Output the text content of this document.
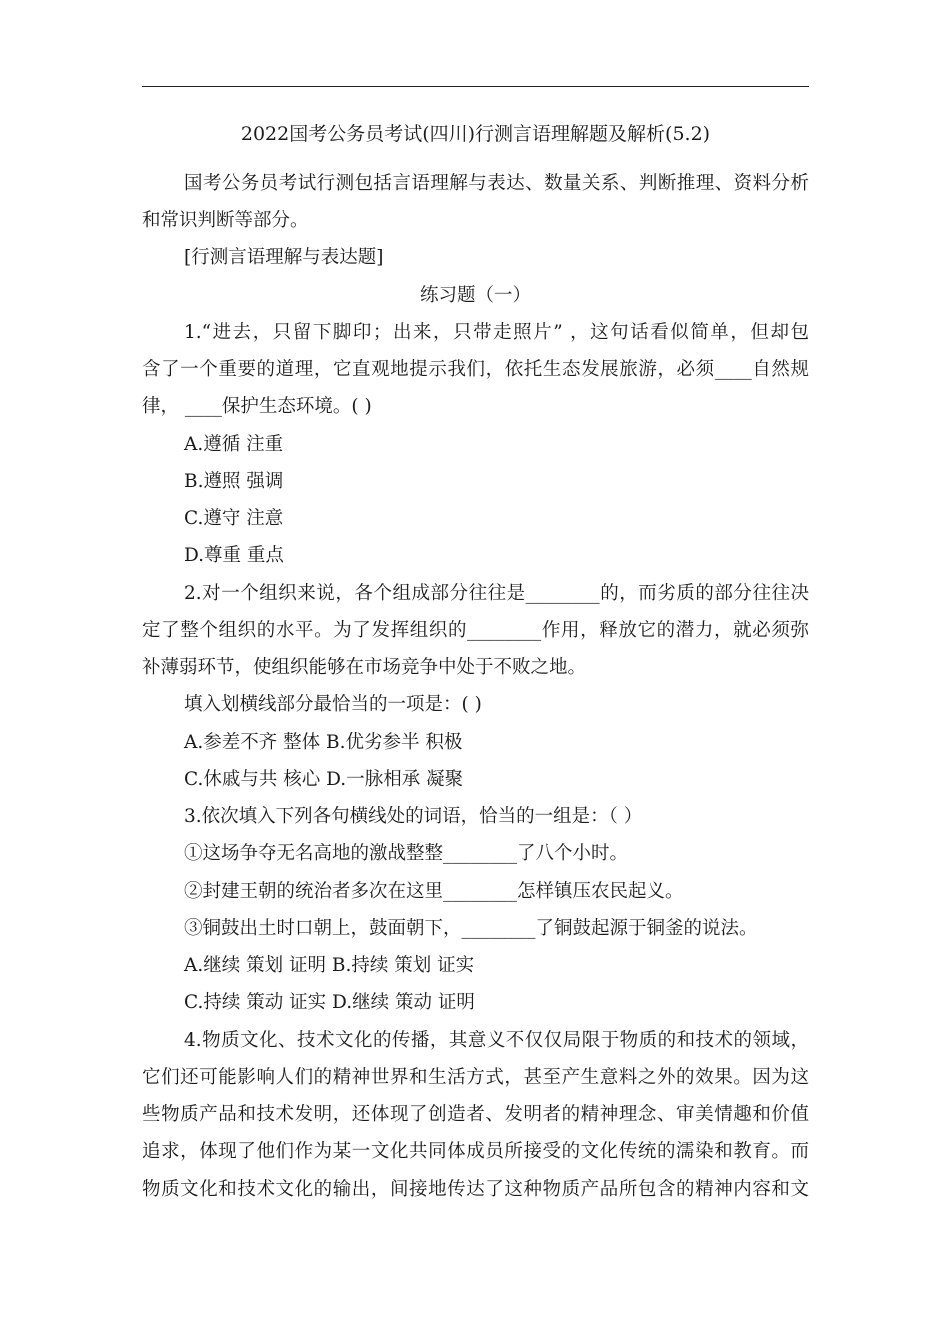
2022国考公务员考试(四川)行测言语理解题及解析(5.2)
国考公务员考试行测包括言语理解与表达、数量关系、判断推理、资料分析
和常识判断等部分。
[行测言语理解与表达题]
练习题（一）
1.“进去，只留下脚印；出来，只带走照片” ，这句话看似简单，但却包
含了一个重要的道理，它直观地提示我们，依托生态发展旅游，必须____自然规
律， ____保护生态环境。( )
A.遵循 注重
B.遵照 强调
C.遵守 注意
D.尊重 重点
2.对一个组织来说，各个组成部分往往是________的，而劣质的部分往往决
定了整个组织的水平。为了发挥组织的________作用，释放它的潜力，就必须弥
补薄弱环节，使组织能够在市场竞争中处于不败之地。
填入划横线部分最恰当的一项是：( )
A.参差不齐 整体 B.优劣参半 积极
C.休戚与共 核心 D.一脉相承 凝聚
3.依次填入下列各句横线处的词语，恰当的一组是：（ ）
①这场争夺无名高地的激战整整________了八个小时。
②封建王朝的统治者多次在这里________怎样镇压农民起义。
③铜鼓出土时口朝上，鼓面朝下，________了铜鼓起源于铜釜的说法。
A.继续 策划 证明 B.持续 策划 证实
C.持续 策动 证实 D.继续 策动 证明
4.物质文化、技术文化的传播，其意义不仅仅局限于物质的和技术的领域，
它们还可能影响人们的精神世界和生活方式，甚至产生意料之外的效果。因为这
些物质产品和技术发明，还体现了创造者、发明者的精神理念、审美情趣和价值
追求，体现了他们作为某一文化共同体成员所接受的文化传统的濡染和教育。而
物质文化和技术文化的输出，间接地传达了这种物质产品所包含的精神内容和文
